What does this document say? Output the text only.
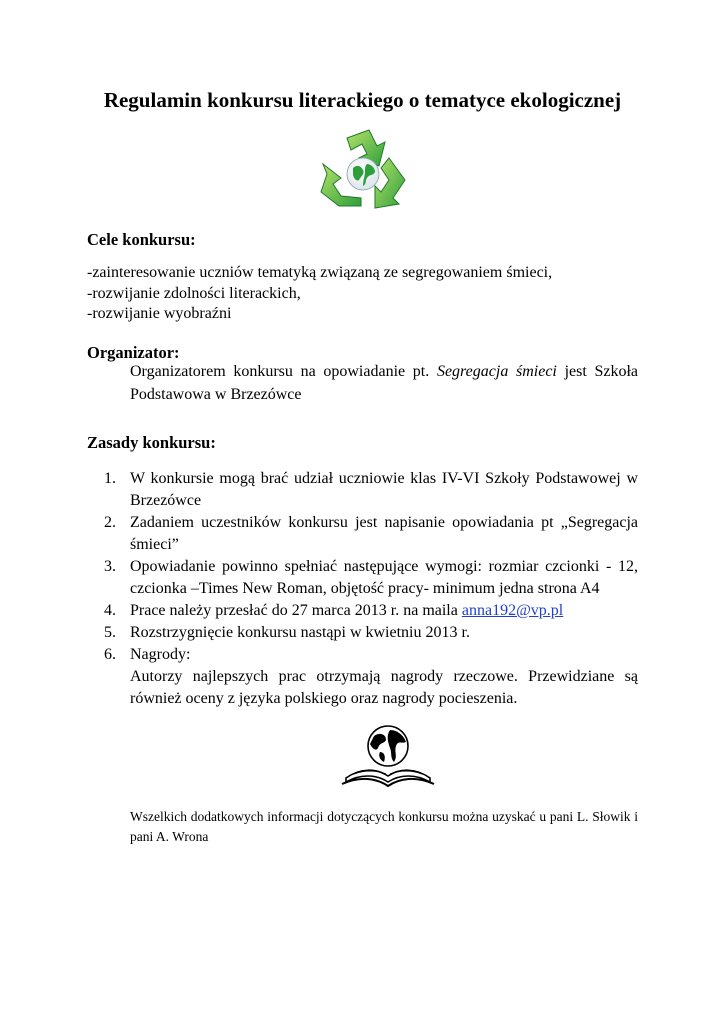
Regulamin konkursu literackiego o tematyce ekologicznej
Cele konkursu:
-zainteresowanie uczniów tematyką związaną ze segregowaniem śmieci,
-rozwijanie zdolności literackich,
-rozwijanie wyobraźni
Organizator:
Organizatorem konkursu na opowiadanie pt. Segregacja śmieci jest Szkoła Podstawowa w Brzezówce
Zasady konkursu:
1. W konkursie mogą brać udział uczniowie klas IV-VI Szkoły Podstawowej w Brzezówce
2. Zadaniem uczestników konkursu jest napisanie opowiadania pt „Segregacja śmieci”
3. Opowiadanie powinno spełniać następujące wymogi: rozmiar czcionki - 12, czcionka –Times New Roman, objętość pracy- minimum jedna strona A4
4. Prace należy przesłać do 27 marca 2013 r. na maila anna192@vp.pl
5. Rozstrzygnięcie konkursu nastąpi w kwietniu 2013 r.
6. Nagrody:
Autorzy najlepszych prac otrzymają nagrody rzeczowe. Przewidziane są również oceny z języka polskiego oraz nagrody pocieszenia.
Wszelkich dodatkowych informacji dotyczących konkursu można uzyskać u pani L. Słowik i pani A. Wrona
